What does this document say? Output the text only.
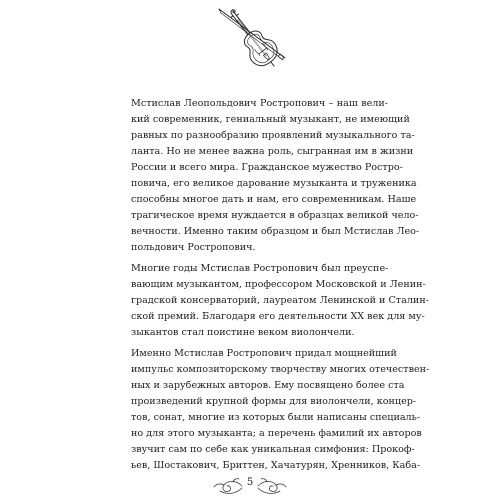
Мстислав Леопольдович Ростропович – наш вели-
кий современник, гениальный музыкант, не имеющий
равных по разнообразию проявлений музыкального та-
ланта. Но не менее важна роль, сыгранная им в жизни
России и всего мира. Гражданское мужество Ростро-
повича, его великое дарование музыканта и труженика
способны многое дать и нам, его современникам. Наше
трагическое время нуждается в образцах великой чело-
вечности. Именно таким образцом и был Мстислав Лео-
польдович Ростропович.

Многие годы Мстислав Ростропович был преуспе-
вающим музыкантом, профессором Московской и Ленин-
градской консерваторий, лауреатом Ленинской и Сталин-
ской премий. Благодаря его деятельности XX век для му-
зыкантов стал поистине веком виолончели.

Именно Мстислав Ростропович придал мощнейший
импульс композиторскому творчеству многих отечествен-
ных и зарубежных авторов. Ему посвящено более ста
произведений крупной формы для виолончели, концер-
тов, сонат, многие из которых были написаны специаль-
но для этого музыканта; а перечень фамилий их авторов
звучит сам по себе как уникальная симфония: Прокоф-
ьев, Шостакович, Бриттен, Хачатурян, Хренников, Каба-

5
